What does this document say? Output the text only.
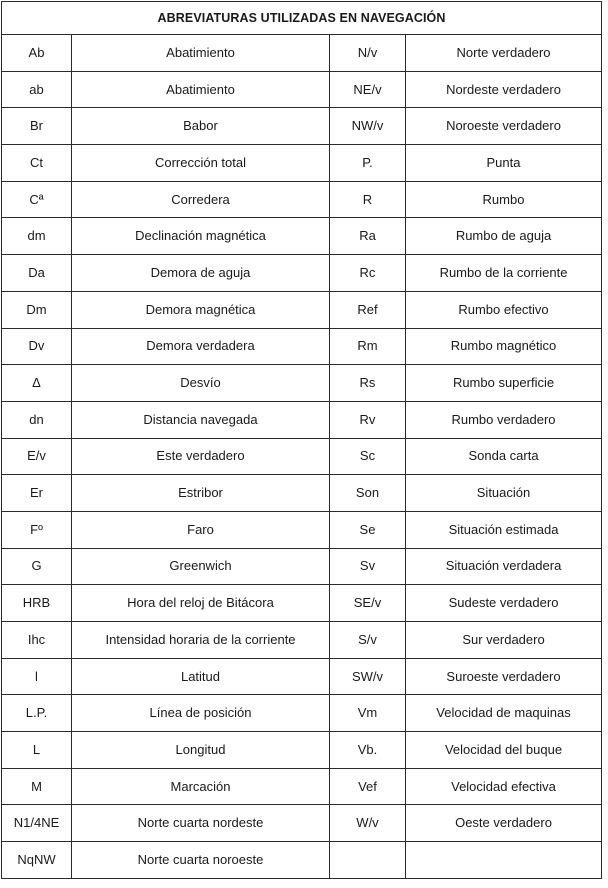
ABREVIATURAS UTILIZADAS EN NAVEGACIÓN			
Ab	Abatimiento	N/v	Norte verdadero
ab	Abatimiento	NE/v	Nordeste verdadero
Br	Babor	NW/v	Noroeste verdadero
Ct	Corrección total	P.	Punta
Cª	Corredera	R	Rumbo
dm	Declinación magnética	Ra	Rumbo de aguja
Da	Demora de aguja	Rc	Rumbo de la corriente
Dm	Demora magnética	Ref	Rumbo efectivo
Dv	Demora verdadera	Rm	Rumbo magnético
Δ	Desvío	Rs	Rumbo superficie
dn	Distancia navegada	Rv	Rumbo verdadero
E/v	Este verdadero	Sc	Sonda carta
Er	Estribor	Son	Situación
Fº	Faro	Se	Situación estimada
G	Greenwich	Sv	Situación verdadera
HRB	Hora del reloj de Bitácora	SE/v	Sudeste verdadero
Ihc	Intensidad horaria de la corriente	S/v	Sur verdadero
l	Latitud	SW/v	Suroeste verdadero
L.P.	Línea de posición	Vm	Velocidad de maquinas
L	Longitud	Vb.	Velocidad del buque
M	Marcación	Vef	Velocidad efectiva
N1/4NE	Norte cuarta nordeste	W/v	Oeste verdadero
NqNW	Norte cuarta noroeste		
